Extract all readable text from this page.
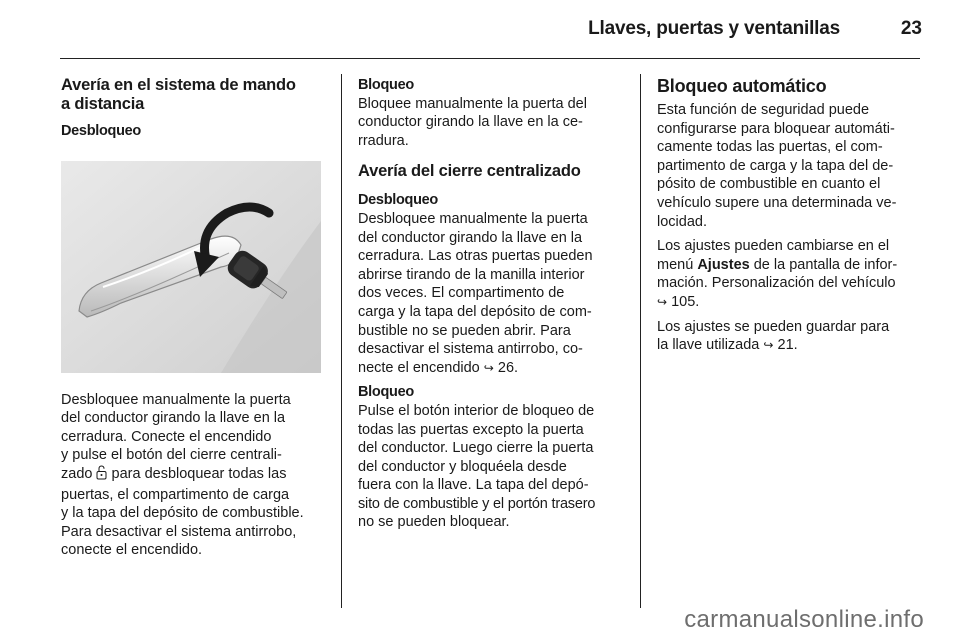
Llaves, puertas y ventanillas	23
Avería en el sistema de mando
a distancia
Desbloqueo

Desbloquee manualmente la puerta
del conductor girando la llave en la
cerradura. Conecte el encendido
y pulse el botón del cierre centrali-
zado para desbloquear todas las
puertas, el compartimento de carga
y la tapa del depósito de combustible.
Para desactivar el sistema antirrobo,
conecte el encendido.

Bloqueo

Bloquee manualmente la puerta del
conductor girando la llave en la ce-
rradura.

Avería del cierre centralizado
Desbloqueo

Desbloquee manualmente la puerta
del conductor girando la llave en la
cerradura. Las otras puertas pueden
abrirse tirando de la manilla interior
dos veces. El compartimento de
carga y la tapa del depósito de com-
bustible no se pueden abrir. Para
desactivar el sistema antirrobo, co-
necte el encendido ↪ 26.

Bloqueo

Pulse el botón interior de bloqueo de
todas las puertas excepto la puerta
del conductor. Luego cierre la puerta
del conductor y bloquéela desde
fuera con la llave. La tapa del depó-
sito de combustible y el portón trasero
no se pueden bloquear.

Bloqueo automático

Esta función de seguridad puede
configurarse para bloquear automáti-
camente todas las puertas, el com-
partimento de carga y la tapa del de-
pósito de combustible en cuanto el
vehículo supere una determinada ve-
locidad.

Los ajustes pueden cambiarse en el
menú Ajustes de la pantalla de infor-
mación. Personalización del vehículo
↪ 105.

Los ajustes se pueden guardar para
la llave utilizada ↪ 21.

carmanualsonline.info
